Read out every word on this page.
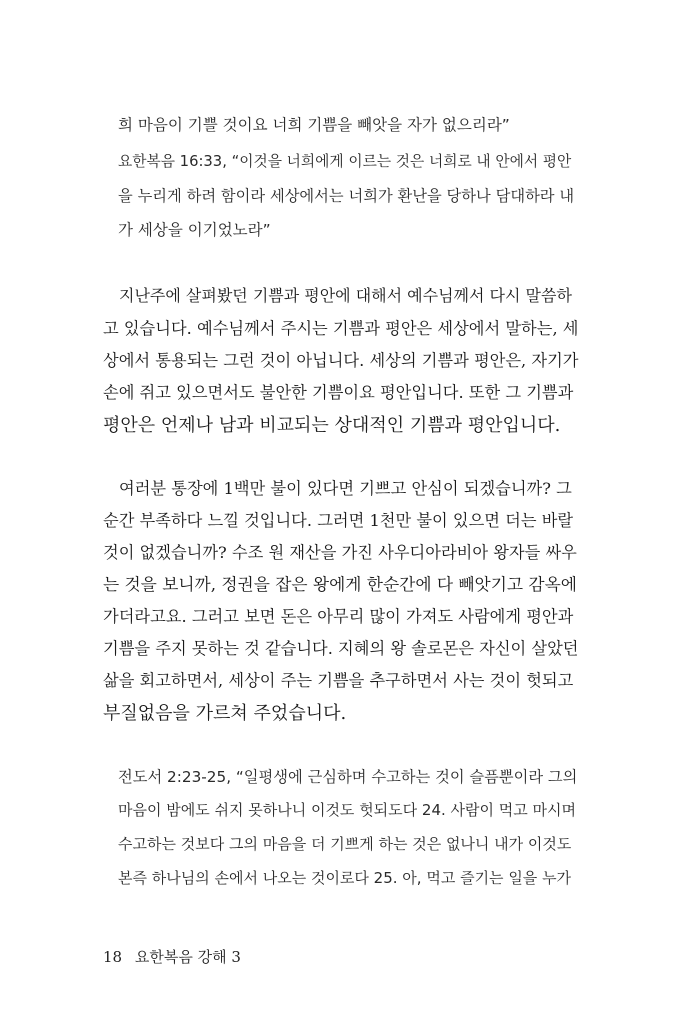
희 마음이 기쁠 것이요 너희 기쁨을 빼앗을 자가 없으리라”

요한복음 16:33, “이것을 너희에게 이르는 것은 너희로 내 안에서 평안

을 누리게 하려 함이라 세상에서는 너희가 환난을 당하나 담대하라 내

가 세상을 이기었노라”

지난주에 살펴봤던 기쁨과 평안에 대해서 예수님께서 다시 말씀하

고 있습니다. 예수님께서 주시는 기쁨과 평안은 세상에서 말하는, 세

상에서 통용되는 그런 것이 아닙니다. 세상의 기쁨과 평안은, 자기가

손에 쥐고 있으면서도 불안한 기쁨이요 평안입니다. 또한 그 기쁨과

평안은 언제나 남과 비교되는 상대적인 기쁨과 평안입니다.

여러분 통장에 1백만 불이 있다면 기쁘고 안심이 되겠습니까? 그

순간 부족하다 느낄 것입니다. 그러면 1천만 불이 있으면 더는 바랄

것이 없겠습니까? 수조 원 재산을 가진 사우디아라비아 왕자들 싸우

는 것을 보니까, 정권을 잡은 왕에게 한순간에 다 빼앗기고 감옥에

가더라고요. 그러고 보면 돈은 아무리 많이 가져도 사람에게 평안과

기쁨을 주지 못하는 것 같습니다. 지혜의 왕 솔로몬은 자신이 살았던

삶을 회고하면서, 세상이 주는 기쁨을 추구하면서 사는 것이 헛되고

부질없음을 가르쳐 주었습니다.

전도서 2:23-25, “일평생에 근심하며 수고하는 것이 슬픔뿐이라 그의

마음이 밤에도 쉬지 못하나니 이것도 헛되도다 24. 사람이 먹고 마시며

수고하는 것보다 그의 마음을 더 기쁘게 하는 것은 없나니 내가 이것도

본즉 하나님의 손에서 나오는 것이로다 25. 아, 먹고 즐기는 일을 누가

18 요한복음 강해 3
